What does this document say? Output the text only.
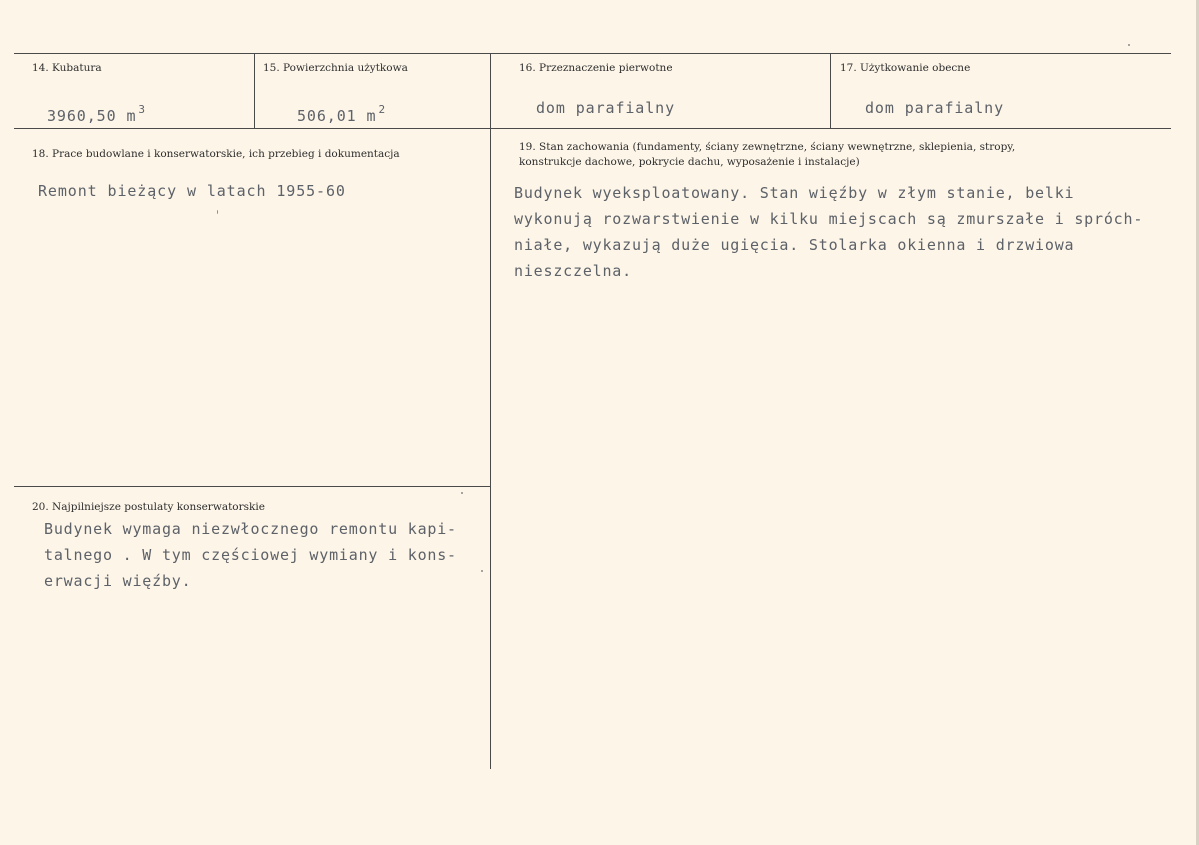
14. Kubatura
3960,50 m $^3$
15. Powierzchnia użytkowa
506,01 m $^2$
16. Przeznaczenie pierwotne
dom parafialny
17. Użytkowanie obecne
dom parafialny
18. Prace budowlane i konserwatorskie, ich przebieg i dokumentacja
Remont bieżący w latach 1955-60
19. Stan zachowania (fundamenty, ściany zewnętrzne, ściany wewnętrzne, sklepienia, stropy,
konstrukcje dachowe, pokrycie dachu, wyposażenie i instalacje)
Budynek wyeksploatowany. Stan więźby w złym stanie, belki
wykonują rozwarstwienie w kilku miejscach są zmurszałe i spróch-
niałe, wykazują duże ugięcia. Stolarka okienna i drzwiowa
nieszczelna.
20. Najpilniejsze postulaty konserwatorskie
Budynek wymaga niezwłocznego remontu kapi-
talnego . W tym częściowej wymiany i kons-
erwacji więźby.
